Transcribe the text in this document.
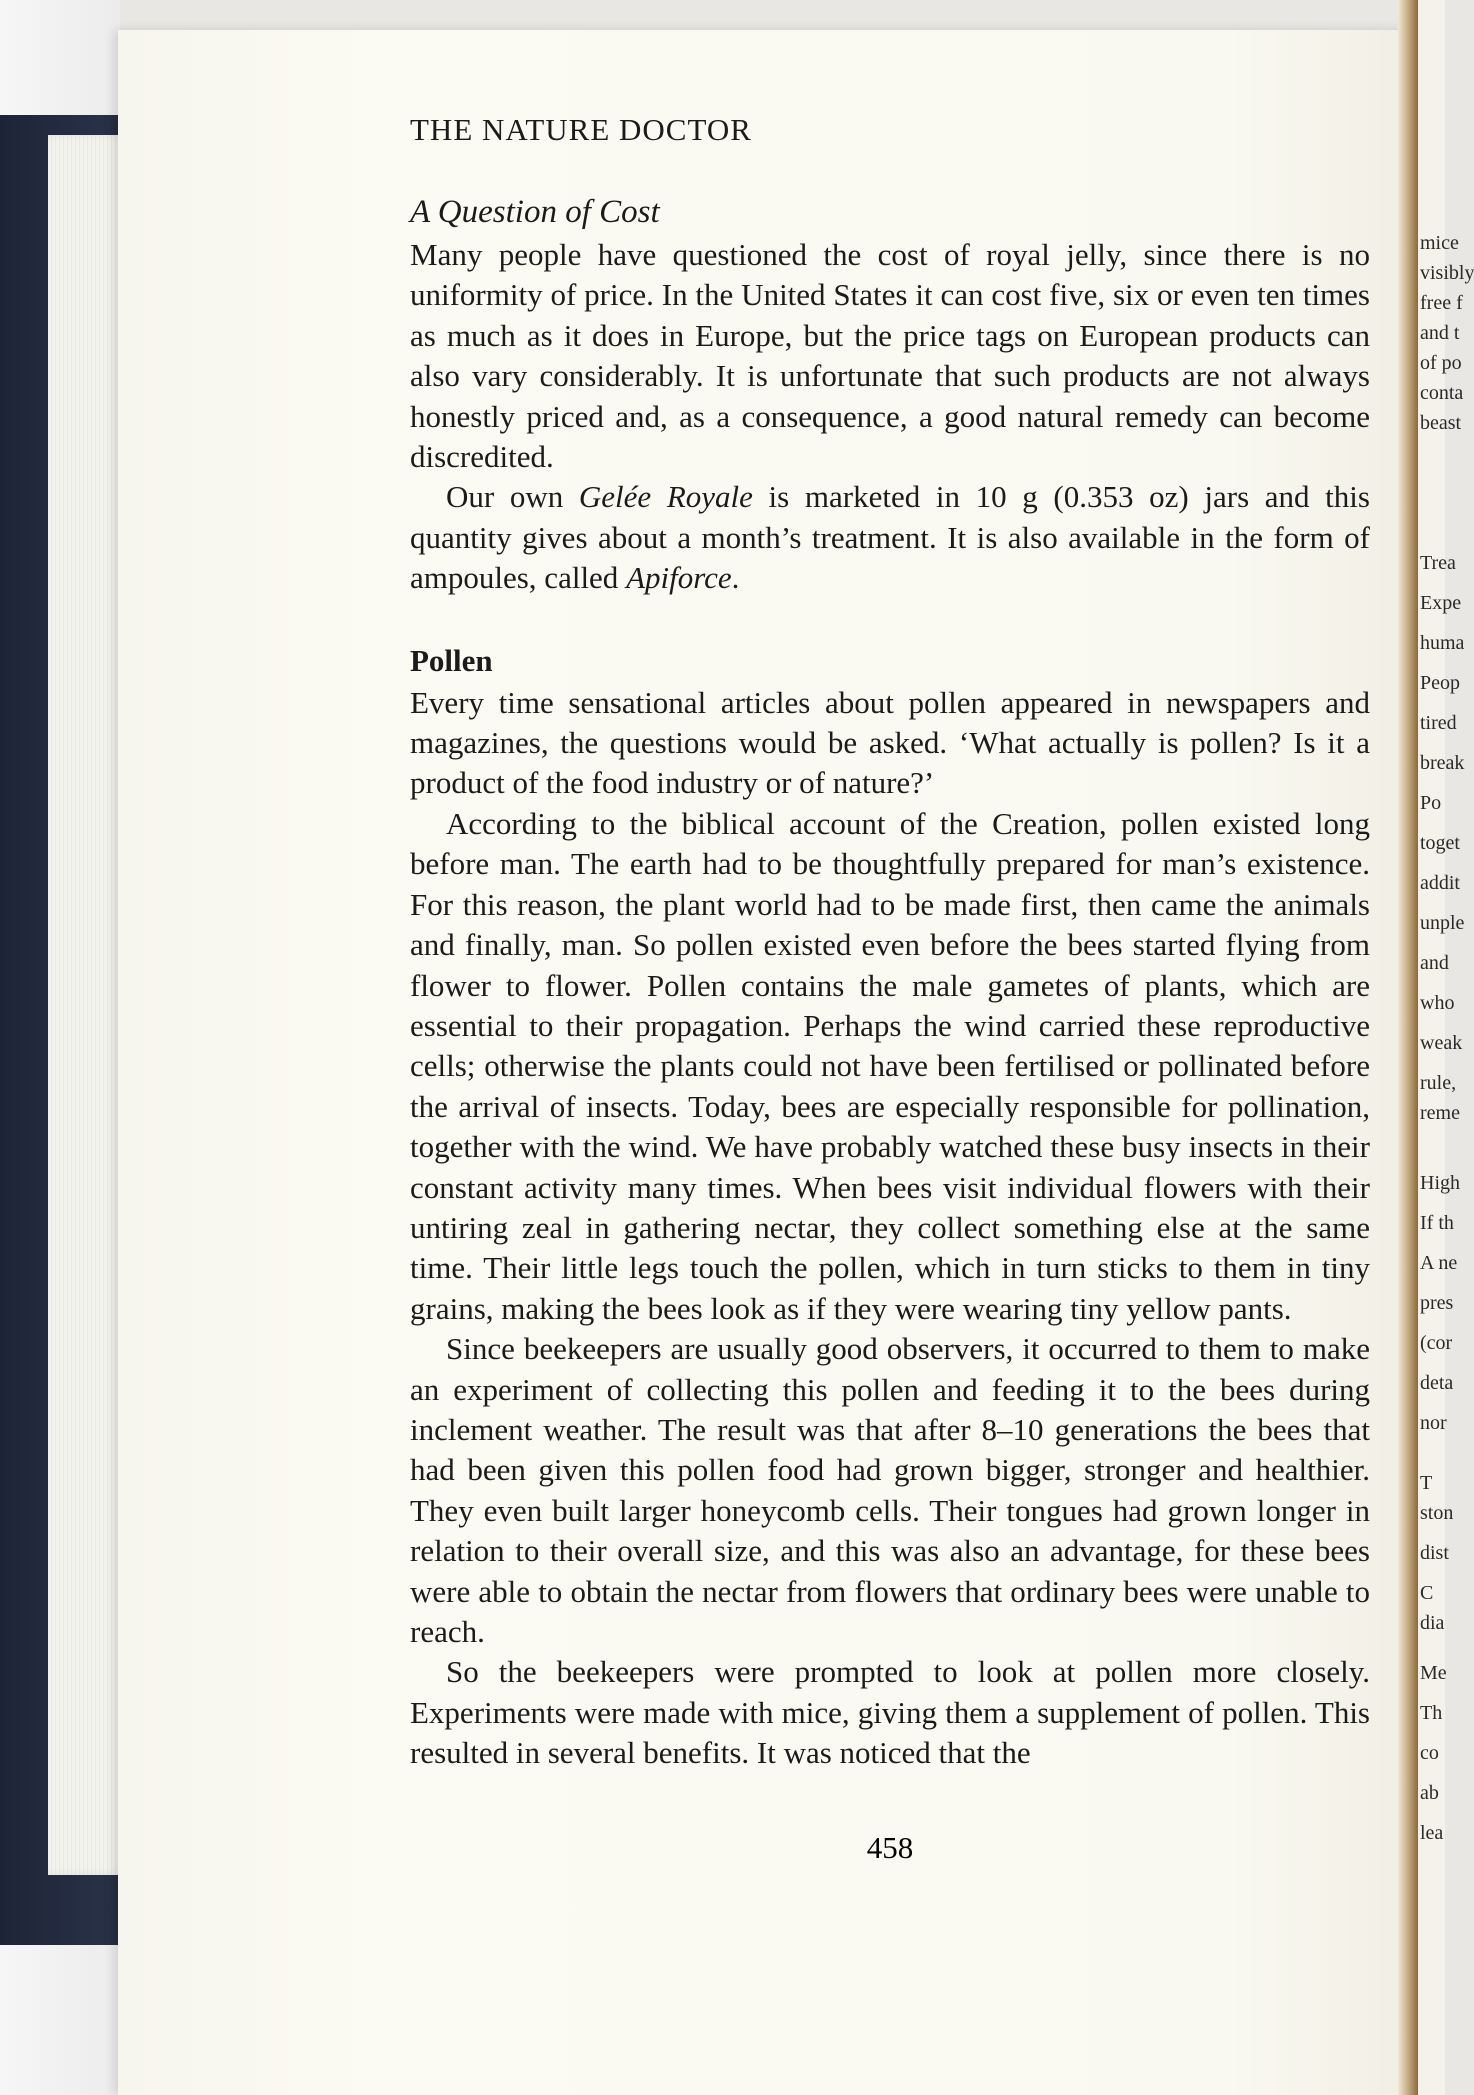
mice
visibly
free f
and t
of po
conta
beast
Trea
Expe
huma
Peop
tired
break
Po
toget
addit
unple
and
who
weak
rule,
reme
High
If th
A ne
pres
(cor
deta
nor
T
ston
dist
C
dia
Me
Th
co
ab
lea
THE NATURE DOCTOR
A Question of Cost

Many people have questioned the cost of royal jelly, since there is no uniformity of price. In the United States it can cost five, six or even ten times as much as it does in Europe, but the price tags on European products can also vary considerably. It is unfortunate that such products are not always honestly priced and, as a consequence, a good natural remedy can become discredited.

Our own Gelée Royale is marketed in 10 g (0.353 oz) jars and this quantity gives about a month’s treatment. It is also available in the form of ampoules, called Apiforce.

Pollen

Every time sensational articles about pollen appeared in newspapers and magazines, the questions would be asked. ‘What actually is pollen? Is it a product of the food industry or of nature?’

According to the biblical account of the Creation, pollen existed long before man. The earth had to be thoughtfully prepared for man’s existence. For this reason, the plant world had to be made first, then came the animals and finally, man. So pollen existed even before the bees started flying from flower to flower. Pollen contains the male gametes of plants, which are essential to their propagation. Perhaps the wind carried these reproductive cells; otherwise the plants could not have been fertilised or pollinated before the arrival of insects. Today, bees are especially responsible for pollination, together with the wind. We have probably watched these busy insects in their constant activity many times. When bees visit individual flowers with their untiring zeal in gathering nectar, they collect something else at the same time. Their little legs touch the pollen, which in turn sticks to them in tiny grains, making the bees look as if they were wearing tiny yellow pants.

Since beekeepers are usually good observers, it occurred to them to make an experiment of collecting this pollen and feeding it to the bees during inclement weather. The result was that after 8–10 generations the bees that had been given this pollen food had grown bigger, stronger and healthier. They even built larger honeycomb cells. Their tongues had grown longer in relation to their overall size, and this was also an advantage, for these bees were able to obtain the nectar from flowers that ordinary bees were unable to reach.

So the beekeepers were prompted to look at pollen more closely. Experiments were made with mice, giving them a supplement of pollen. This resulted in several benefits. It was noticed that the

458
